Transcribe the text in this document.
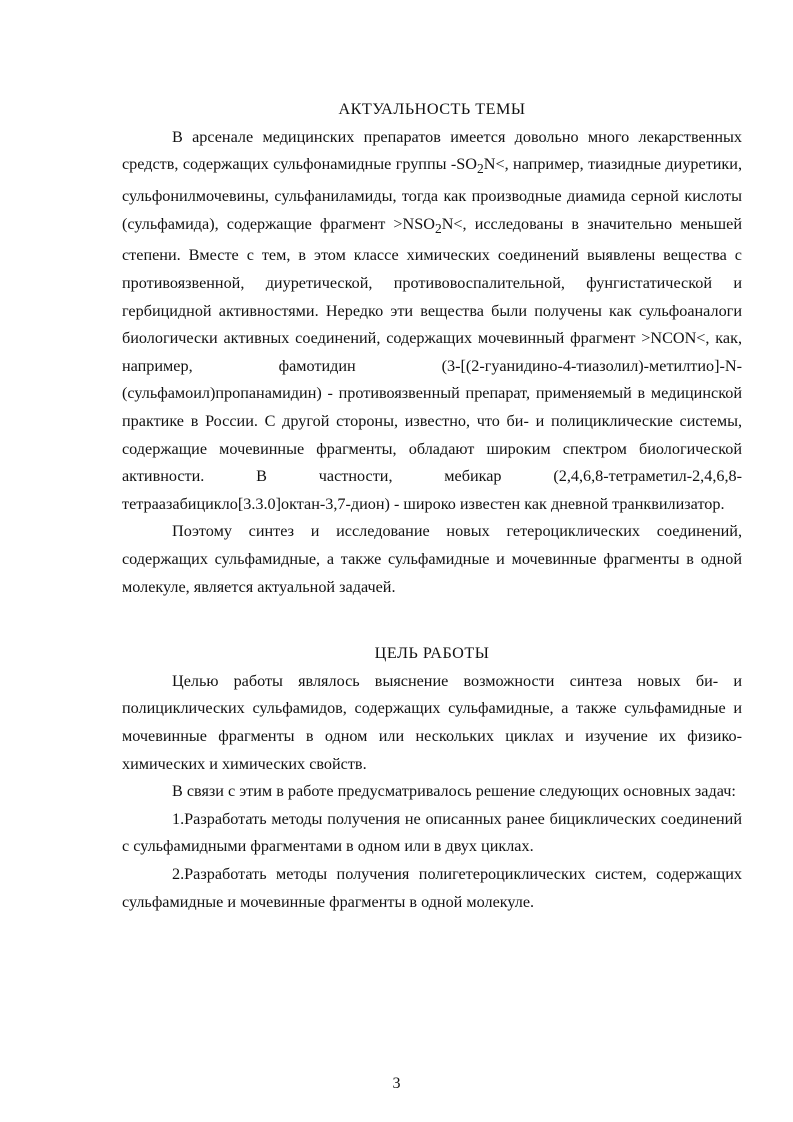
АКТУАЛЬНОСТЬ ТЕМЫ

В арсенале медицинских препаратов имеется довольно много лекарственных средств, содержащих сульфонамидные группы $-SO_2N<$, например, тиазидные диуретики, сульфонилмочевины, сульфаниламиды, тогда как производные диамида серной кислоты (сульфамида), содержащие фрагмент $>NSO_2N<$, исследованы в значительно меньшей степени. Вместе с тем, в этом классе химических соединений выявлены вещества с противоязвенной, диуретической, противовоспалительной, фунгистатической и гербицидной активностями. Нередко эти вещества были получены как сульфоаналоги биологически активных соединений, содержащих мочевинный фрагмент >NCON<, как, например, фамотидин (3-[(2-гуанидино-4-тиазолил)-метилтио]-N-(сульфамоил)пропанамидин) - противоязвенный препарат, применяемый в медицинской практике в России. С другой стороны, известно, что би- и полициклические системы, содержащие мочевинные фрагменты, обладают широким спектром биологической активности. В частности, мебикар (2,4,6,8-тетраметил-2,4,6,8-тетраазабицикло[3.3.0]октан-3,7-дион) - широко известен как дневной транквилизатор.

Поэтому синтез и исследование новых гетероциклических соединений, содержащих сульфамидные, а также сульфамидные и мочевинные фрагменты в одной молекуле, является актуальной задачей.

ЦЕЛЬ РАБОТЫ

Целью работы являлось выяснение возможности синтеза новых би- и полициклических сульфамидов, содержащих сульфамидные, а также сульфамидные и мочевинные фрагменты в одном или нескольких циклах и изучение их физико-химических и химических свойств.

В связи с этим в работе предусматривалось решение следующих основных задач:

1.Разработать методы получения не описанных ранее бициклических соединений с сульфамидными фрагментами в одном или в двух циклах.

2.Разработать методы получения полигетероциклических систем, содержащих сульфамидные и мочевинные фрагменты в одной молекуле.

3
